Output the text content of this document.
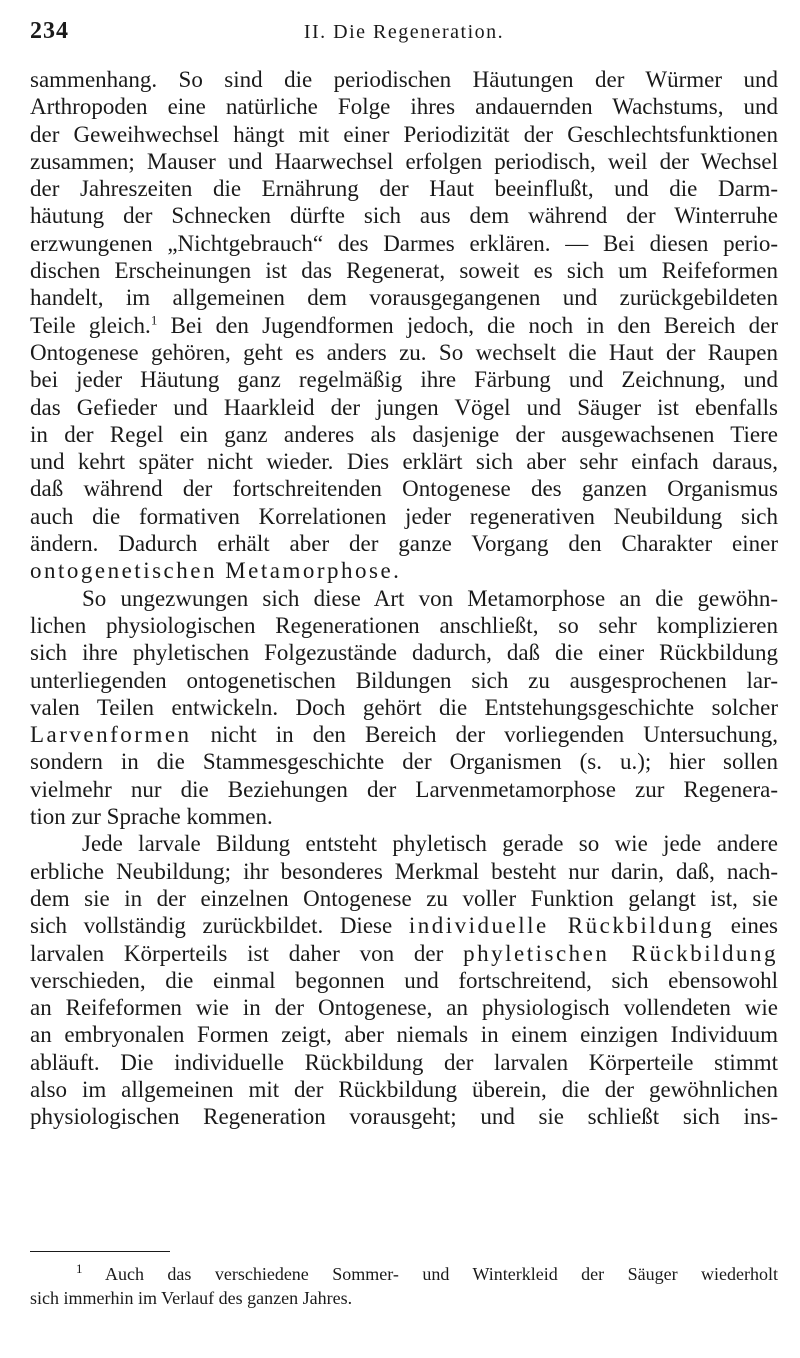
234	II. Die Regeneration.
sammenhang. So sind die periodischen Häutungen der Würmer und
Arthropoden eine natürliche Folge ihres andauernden Wachstums, und
der Geweihwechsel hängt mit einer Periodizität der Geschlechtsfunktionen
zusammen; Mauser und Haarwechsel erfolgen periodisch, weil der Wechsel
der Jahreszeiten die Ernährung der Haut beeinflußt, und die Darm-
häutung der Schnecken dürfte sich aus dem während der Winterruhe
erzwungenen „Nichtgebrauch“ des Darmes erklären. — Bei diesen perio-
dischen Erscheinungen ist das Regenerat, soweit es sich um Reifeformen
handelt, im allgemeinen dem vorausgegangenen und zurückgebildeten
Teile gleich.$^1$ Bei den Jugendformen jedoch, die noch in den Bereich der
Ontogenese gehören, geht es anders zu. So wechselt die Haut der Raupen
bei jeder Häutung ganz regelmäßig ihre Färbung und Zeichnung, und
das Gefieder und Haarkleid der jungen Vögel und Säuger ist ebenfalls
in der Regel ein ganz anderes als dasjenige der ausgewachsenen Tiere
und kehrt später nicht wieder. Dies erklärt sich aber sehr einfach daraus,
daß während der fortschreitenden Ontogenese des ganzen Organismus
auch die formativen Korrelationen jeder regenerativen Neubildung sich
ändern. Dadurch erhält aber der ganze Vorgang den Charakter einer
ontogenetischen Metamorphose.
So ungezwungen sich diese Art von Metamorphose an die gewöhn-
lichen physiologischen Regenerationen anschließt, so sehr komplizieren
sich ihre phyletischen Folgezustände dadurch, daß die einer Rückbildung
unterliegenden ontogenetischen Bildungen sich zu ausgesprochenen lar-
valen Teilen entwickeln. Doch gehört die Entstehungsgeschichte solcher
Larvenformen nicht in den Bereich der vorliegenden Untersuchung,
sondern in die Stammesgeschichte der Organismen (s. u.); hier sollen
vielmehr nur die Beziehungen der Larvenmetamorphose zur Regenera-
tion zur Sprache kommen.
Jede larvale Bildung entsteht phyletisch gerade so wie jede andere
erbliche Neubildung; ihr besonderes Merkmal besteht nur darin, daß, nach-
dem sie in der einzelnen Ontogenese zu voller Funktion gelangt ist, sie
sich vollständig zurückbildet. Diese individuelle Rückbildung eines
larvalen Körperteils ist daher von der phyletischen Rückbildung
verschieden, die einmal begonnen und fortschreitend, sich ebensowohl
an Reifeformen wie in der Ontogenese, an physiologisch vollendeten wie
an embryonalen Formen zeigt, aber niemals in einem einzigen Individuum
abläuft. Die individuelle Rückbildung der larvalen Körperteile stimmt
also im allgemeinen mit der Rückbildung überein, die der gewöhnlichen
physiologischen Regeneration vorausgeht; und sie schließt sich ins-
$^1$ Auch das verschiedene Sommer- und Winterkleid der Säuger wiederholt
sich immerhin im Verlauf des ganzen Jahres.
